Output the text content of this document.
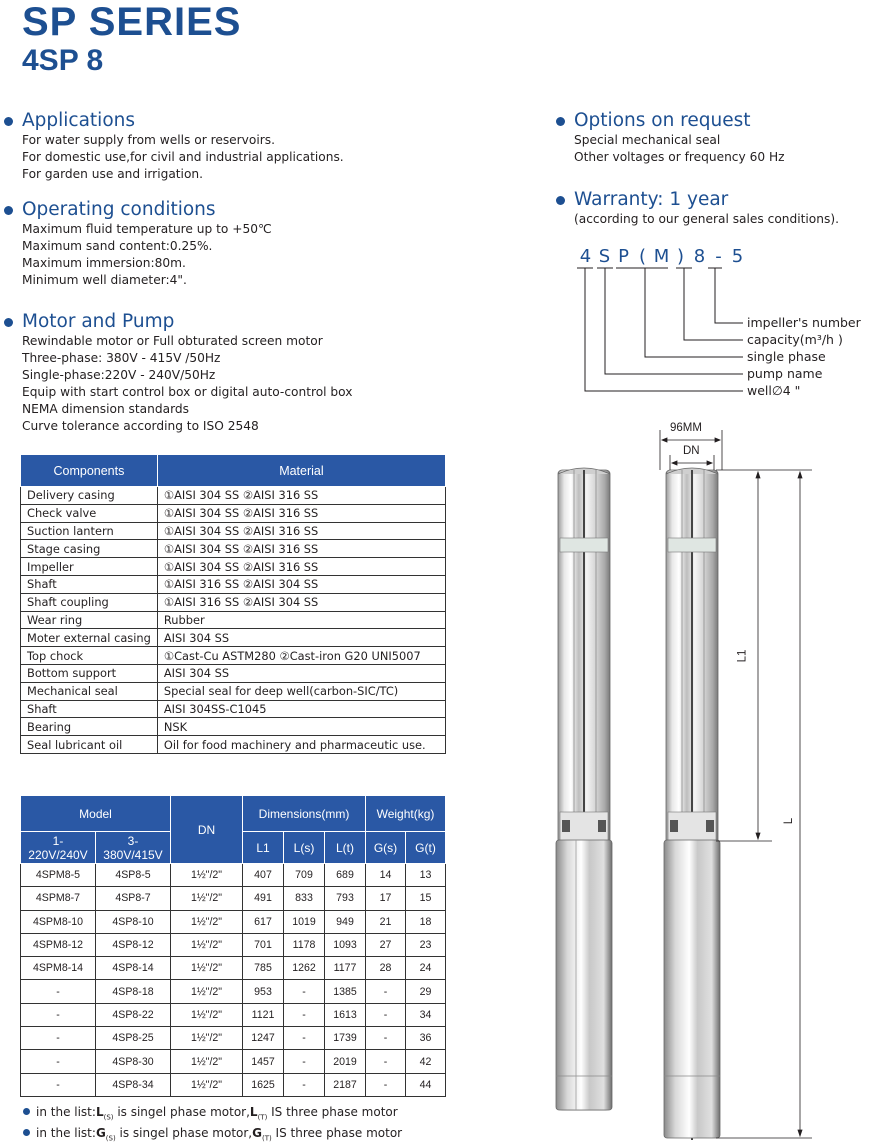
SP SERIES
4SP 8
Applications
For water supply from wells or reservoirs.
For domestic use,for civil and industrial applications.
For garden use and irrigation.
Operating conditions
Maximum fluid temperature up to +50℃
Maximum sand content:0.25%.
Maximum immersion:80m.
Minimum well diameter:4".
Motor and Pump
Rewindable motor or Full obturated screen motor
Three-phase: 380V - 415V /50Hz
Single-phase:220V - 240V/50Hz
Equip with start control box or digital auto-control box
NEMA dimension standards
Curve tolerance according to ISO 2548
Options on request
Special mechanical seal
Other voltages or frequency 60 Hz
Warranty: 1 year
(according to our general sales conditions).
4 S P ( M ) 8 - 5
impeller's number
capacity(m³/h )
single phase
pump name
well∅4 "
Components	Material
Delivery casing	①AISI 304 SS ②AISI 316 SS
Check valve	①AISI 304 SS ②AISI 316 SS
Suction lantern	①AISI 304 SS ②AISI 316 SS
Stage casing	①AISI 304 SS ②AISI 316 SS
Impeller	①AISI 304 SS ②AISI 316 SS
Shaft	①AISI 316 SS ②AISI 304 SS
Shaft coupling	①AISI 316 SS ②AISI 304 SS
Wear ring	Rubber
Moter external casing	AISI 304 SS
Top chock	①Cast-Cu ASTM280 ②Cast-iron G20 UNI5007
Bottom support	AISI 304 SS
Mechanical seal	Special seal for deep well(carbon-SIC/TC)
Shaft	AISI 304SS-C1045
Bearing	NSK
Seal lubricant oil	Oil for food machinery and pharmaceutic use.
Model		DN	Dimensions(mm)			Weight(kg)	
1-
220V/240V	3-
380V/415V		L1	L(s)	L(t)	G(s)	G(t)
4SPM8-5	4SP8-5	1½"/2"	407	709	689	14	13
4SPM8-7	4SP8-7	1½"/2"	491	833	793	17	15
4SPM8-10	4SP8-10	1½"/2"	617	1019	949	21	18
4SPM8-12	4SP8-12	1½"/2"	701	1178	1093	27	23
4SPM8-14	4SP8-14	1½"/2"	785	1262	1177	28	24
-	4SP8-18	1½"/2"	953	-	1385	-	29
-	4SP8-22	1½"/2"	1121	-	1613	-	34
-	4SP8-25	1½"/2"	1247	-	1739	-	36
-	4SP8-30	1½"/2"	1457	-	2019	-	42
-	4SP8-34	1½"/2"	1625	-	2187	-	44
in the $list:L_{(S)}$ is singel phase $motor,L_{(T)}$ IS three phase motor
in the $list:G_{(S)}$ is singel phase $motor,G_{(T)}$ IS three phase motor
96MM
DN
L1
L
